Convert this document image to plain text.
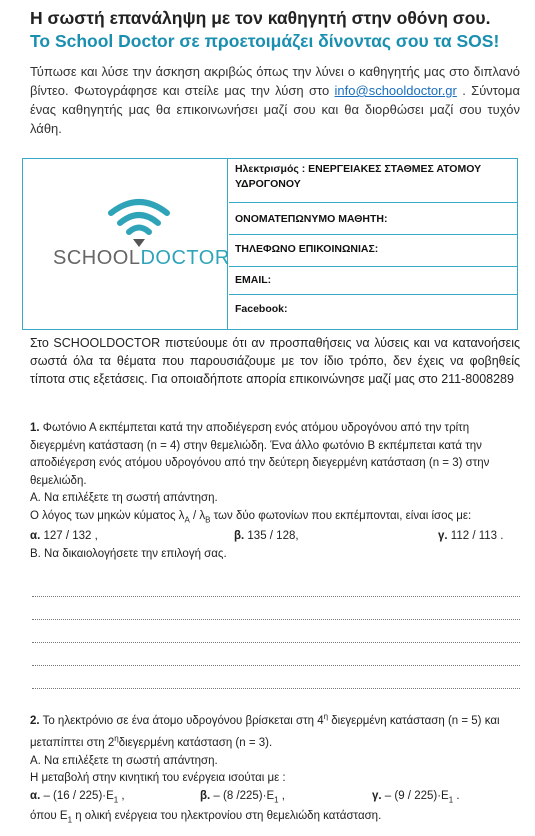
Η σωστή επανάληψη με τον καθηγητή στην οθόνη σου.
Το School Doctor σε προετοιμάζει δίνοντας σου τα SOS!
Τύπωσε και λύσε την άσκηση ακριβώς όπως την λύνει ο καθηγητής μας στο διπλανό βίντεο. Φωτογράφησε και στείλε μας την λύση στο info@schooldoctor.gr . Σύντομα ένας καθηγητής μας θα επικοινωνήσει μαζί σου και θα διορθώσει μαζί σου τυχόν λάθη.
SCHOOLDOCTOR
Ηλεκτρισμός : ΕΝΕΡΓΕΙΑΚΕΣ ΣΤΑΘΜΕΣ ΑΤΟΜΟΥ ΥΔΡΟΓΟΝΟΥ
ΟΝΟΜΑΤΕΠΩΝΥΜΟ ΜΑΘΗΤΗ:
ΤΗΛΕΦΩΝΟ ΕΠΙΚΟΙΝΩΝΙΑΣ:
EMAIL:
Facebook:
Στο SCHOOLDOCTOR πιστεύουμε ότι αν προσπαθήσεις να λύσεις και να κατανοήσεις σωστά όλα τα θέματα που παρουσιάζουμε με τον ίδιο τρόπο, δεν έχεις να φοβηθείς τίποτα στις εξετάσεις. Για οποιαδήποτε απορία επικοινώνησε μαζί μας στο 211-8008289
1. Φωτόνιο Α εκπέμπεται κατά την αποδιέγερση ενός ατόμου υδρογόνου από την τρίτη διεγερμένη κατάσταση (n = 4) στην θεμελιώδη. Ένα άλλο φωτόνιο Β εκπέμπεται κατά την αποδιέγερση ενός ατόμου υδρογόνου από την δεύτερη διεγερμένη κατάσταση (n = 3) στην θεμελιώδη.
Α. Να επιλέξετε τη σωστή απάντηση.
Ο λόγος των μηκών κύματος $\lambda_A / \lambda_B$ των δύο φωτονίων που εκπέμπονται, είναι ίσος με:
α. 127 / 132 ,	β. 135 / 128,	γ. 112 / 113 .
Β. Να δικαιολογήσετε την επιλογή σας.
2. Το ηλεκτρόνιο σε ένα άτομο υδρογόνου βρίσκεται στη $4^\eta$ διεγερμένη κατάσταση (n = 5) και μεταπίπτει στη $2^\eta\delta\iota\varepsilon\gamma\varepsilon\rho\mu έ\nu\eta$ κατάσταση (n = 3).
Α. Να επιλέξετε τη σωστή απάντηση.
Η μεταβολή στην κινητική του ενέργεια ισούται με :
α. – $(16 / 225)\cdot E_1$ ,	β. – (8 $/225)\cdot E_1$ ,	γ. – $(9 / 225)\cdot E_1$ .
όπου $E_1$ η ολική ενέργεια του ηλεκτρονίου στη θεμελιώδη κατάσταση.
